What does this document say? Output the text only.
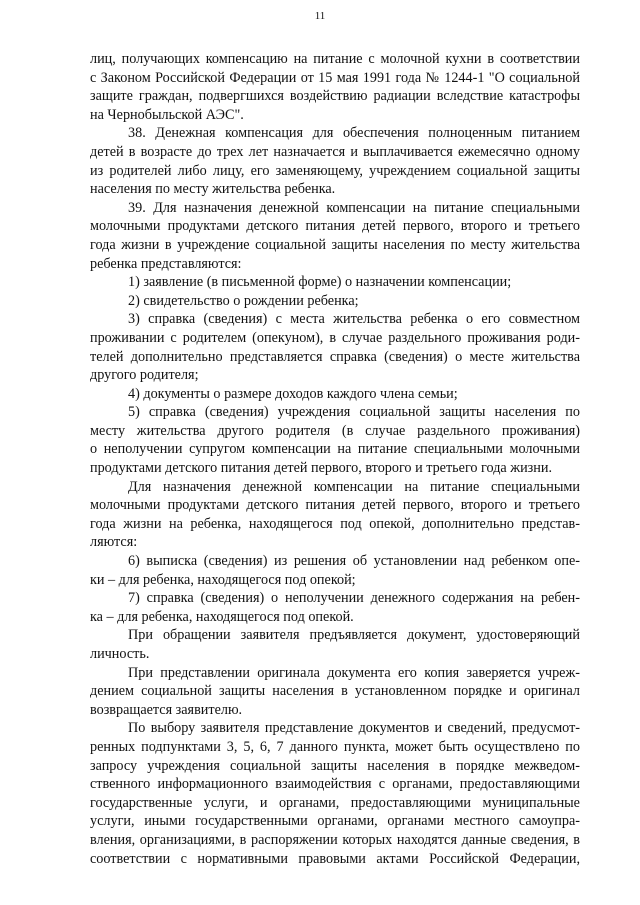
11
лиц, получающих компенсацию на питание с молочной кухни в соответствии
с Законом Российской Федерации от 15 мая 1991 года № 1244-1 "О социальной
защите граждан, подвергшихся воздействию радиации вследствие катастрофы
на Чернобыльской АЭС".
38. Денежная компенсация для обеспечения полноценным питанием
детей в возрасте до трех лет назначается и выплачивается ежемесячно одному
из родителей либо лицу, его заменяющему, учреждением социальной защиты
населения по месту жительства ребенка.
39. Для назначения денежной компенсации на питание специальными
молочными продуктами детского питания детей первого, второго и третьего
года жизни в учреждение социальной защиты населения по месту жительства
ребенка представляются:
1) заявление (в письменной форме) о назначении компенсации;
2) свидетельство о рождении ребенка;
3) справка (сведения) с места жительства ребенка о его совместном
проживании с родителем (опекуном), в случае раздельного проживания роди-
телей дополнительно представляется справка (сведения) о месте жительства
другого родителя;
4) документы о размере доходов каждого члена семьи;
5) справка (сведения) учреждения социальной защиты населения по
месту жительства другого родителя (в случае раздельного проживания)
о неполучении супругом компенсации на питание специальными молочными
продуктами детского питания детей первого, второго и третьего года жизни.
Для назначения денежной компенсации на питание специальными
молочными продуктами детского питания детей первого, второго и третьего
года жизни на ребенка, находящегося под опекой, дополнительно представ-
ляются:
6) выписка (сведения) из решения об установлении над ребенком опе-
ки – для ребенка, находящегося под опекой;
7) справка (сведения) о неполучении денежного содержания на ребен-
ка – для ребенка, находящегося под опекой.
При обращении заявителя предъявляется документ, удостоверяющий
личность.
При представлении оригинала документа его копия заверяется учреж-
дением социальной защиты населения в установленном порядке и оригинал
возвращается заявителю.
По выбору заявителя представление документов и сведений, предусмот-
ренных подпунктами 3, 5, 6, 7 данного пункта, может быть осуществлено по
запросу учреждения социальной защиты населения в порядке межведом-
ственного информационного взаимодействия с органами, предоставляющими
государственные услуги, и органами, предоставляющими муниципальные
услуги, иными государственными органами, органами местного самоупра-
вления, организациями, в распоряжении которых находятся данные сведения, в
соответствии с нормативными правовыми актами Российской Федерации,
